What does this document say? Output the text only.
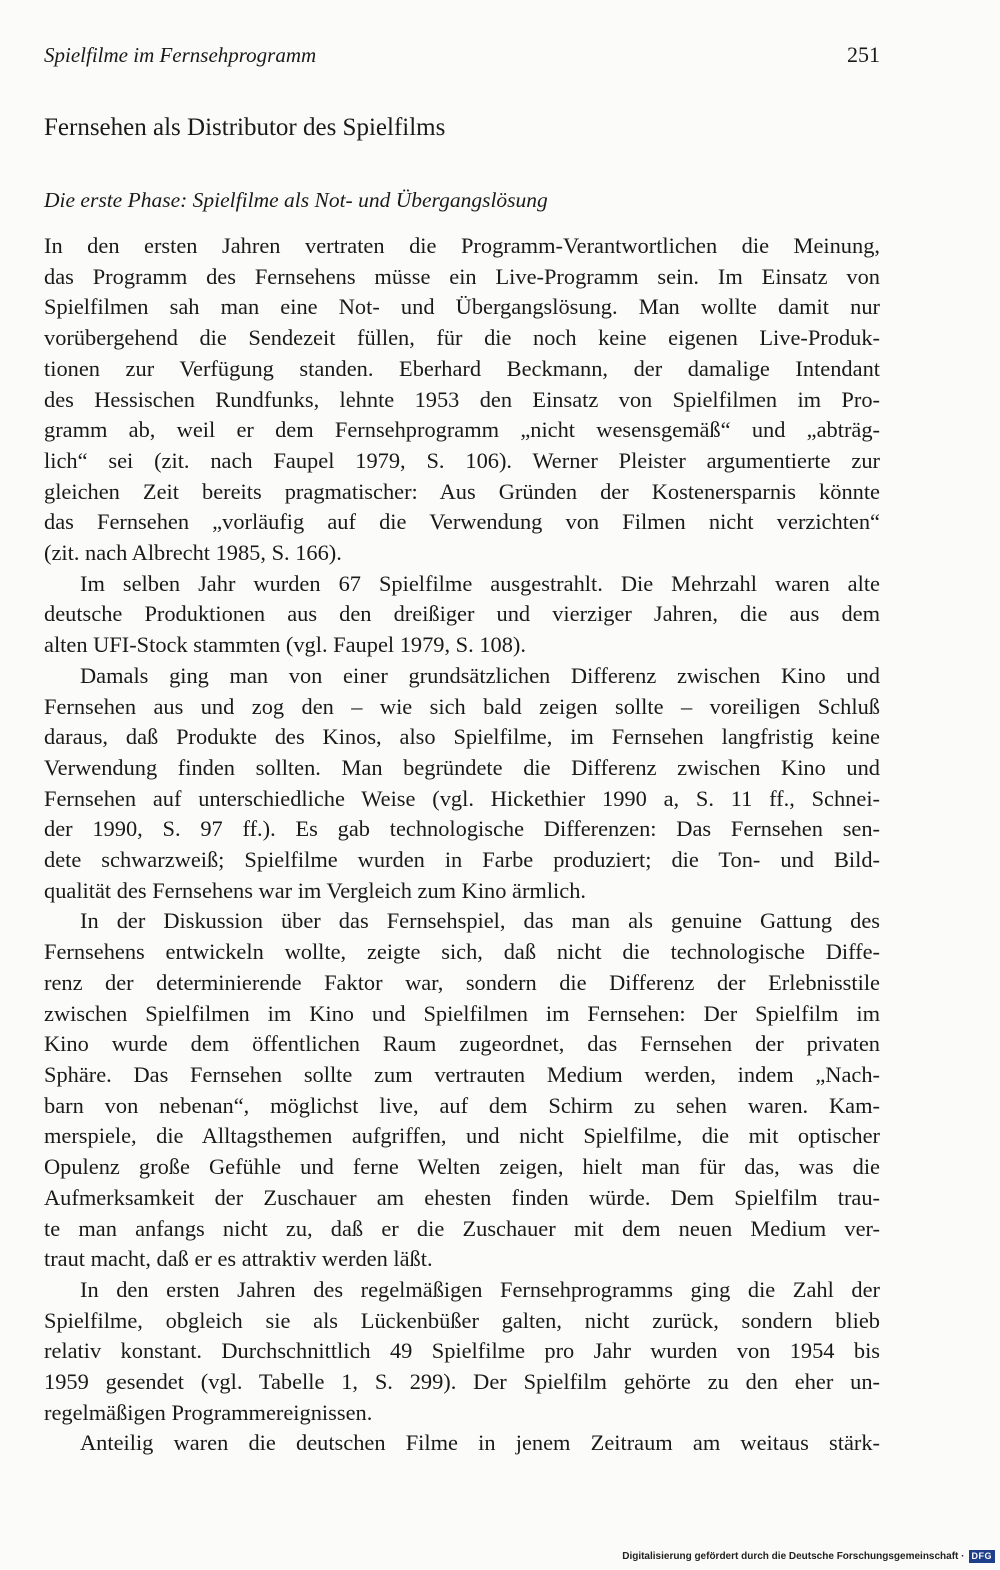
Spielfilme im Fernsehprogramm	251
Fernsehen als Distributor des Spielfilms
Die erste Phase: Spielfilme als Not- und Übergangslösung

In den ersten Jahren vertraten die Programm-Verantwortlichen die Meinung,
das Programm des Fernsehens müsse ein Live-Programm sein. Im Einsatz von
Spielfilmen sah man eine Not- und Übergangslösung. Man wollte damit nur
vorübergehend die Sendezeit füllen, für die noch keine eigenen Live-Produk-
tionen zur Verfügung standen. Eberhard Beckmann, der damalige Intendant
des Hessischen Rundfunks, lehnte 1953 den Einsatz von Spielfilmen im Pro-
gramm ab, weil er dem Fernsehprogramm „nicht wesensgemäß“ und „abträg-
lich“ sei (zit. nach Faupel 1979, S. 106). Werner Pleister argumentierte zur
gleichen Zeit bereits pragmatischer: Aus Gründen der Kostenersparnis könnte
das Fernsehen „vorläufig auf die Verwendung von Filmen nicht verzichten“
(zit. nach Albrecht 1985, S. 166).

Im selben Jahr wurden 67 Spielfilme ausgestrahlt. Die Mehrzahl waren alte
deutsche Produktionen aus den dreißiger und vierziger Jahren, die aus dem
alten UFI-Stock stammten (vgl. Faupel 1979, S. 108).

Damals ging man von einer grundsätzlichen Differenz zwischen Kino und
Fernsehen aus und zog den – wie sich bald zeigen sollte – voreiligen Schluß
daraus, daß Produkte des Kinos, also Spielfilme, im Fernsehen langfristig keine
Verwendung finden sollten. Man begründete die Differenz zwischen Kino und
Fernsehen auf unterschiedliche Weise (vgl. Hickethier 1990 a, S. 11 ff., Schnei-
der 1990, S. 97 ff.). Es gab technologische Differenzen: Das Fernsehen sen-
dete schwarzweiß; Spielfilme wurden in Farbe produziert; die Ton- und Bild-
qualität des Fernsehens war im Vergleich zum Kino ärmlich.

In der Diskussion über das Fernsehspiel, das man als genuine Gattung des
Fernsehens entwickeln wollte, zeigte sich, daß nicht die technologische Diffe-
renz der determinierende Faktor war, sondern die Differenz der Erlebnisstile
zwischen Spielfilmen im Kino und Spielfilmen im Fernsehen: Der Spielfilm im
Kino wurde dem öffentlichen Raum zugeordnet, das Fernsehen der privaten
Sphäre. Das Fernsehen sollte zum vertrauten Medium werden, indem „Nach-
barn von nebenan“, möglichst live, auf dem Schirm zu sehen waren. Kam-
merspiele, die Alltagsthemen aufgriffen, und nicht Spielfilme, die mit optischer
Opulenz große Gefühle und ferne Welten zeigen, hielt man für das, was die
Aufmerksamkeit der Zuschauer am ehesten finden würde. Dem Spielfilm trau-
te man anfangs nicht zu, daß er die Zuschauer mit dem neuen Medium ver-
traut macht, daß er es attraktiv werden läßt.

In den ersten Jahren des regelmäßigen Fernsehprogramms ging die Zahl der
Spielfilme, obgleich sie als Lückenbüßer galten, nicht zurück, sondern blieb
relativ konstant. Durchschnittlich 49 Spielfilme pro Jahr wurden von 1954 bis
1959 gesendet (vgl. Tabelle 1, S. 299). Der Spielfilm gehörte zu den eher un-
regelmäßigen Programmereignissen.

Anteilig waren die deutschen Filme in jenem Zeitraum am weitaus stärk-

Digitalisierung gefördert durch die Deutsche Forschungsgemeinschaft · DFG
